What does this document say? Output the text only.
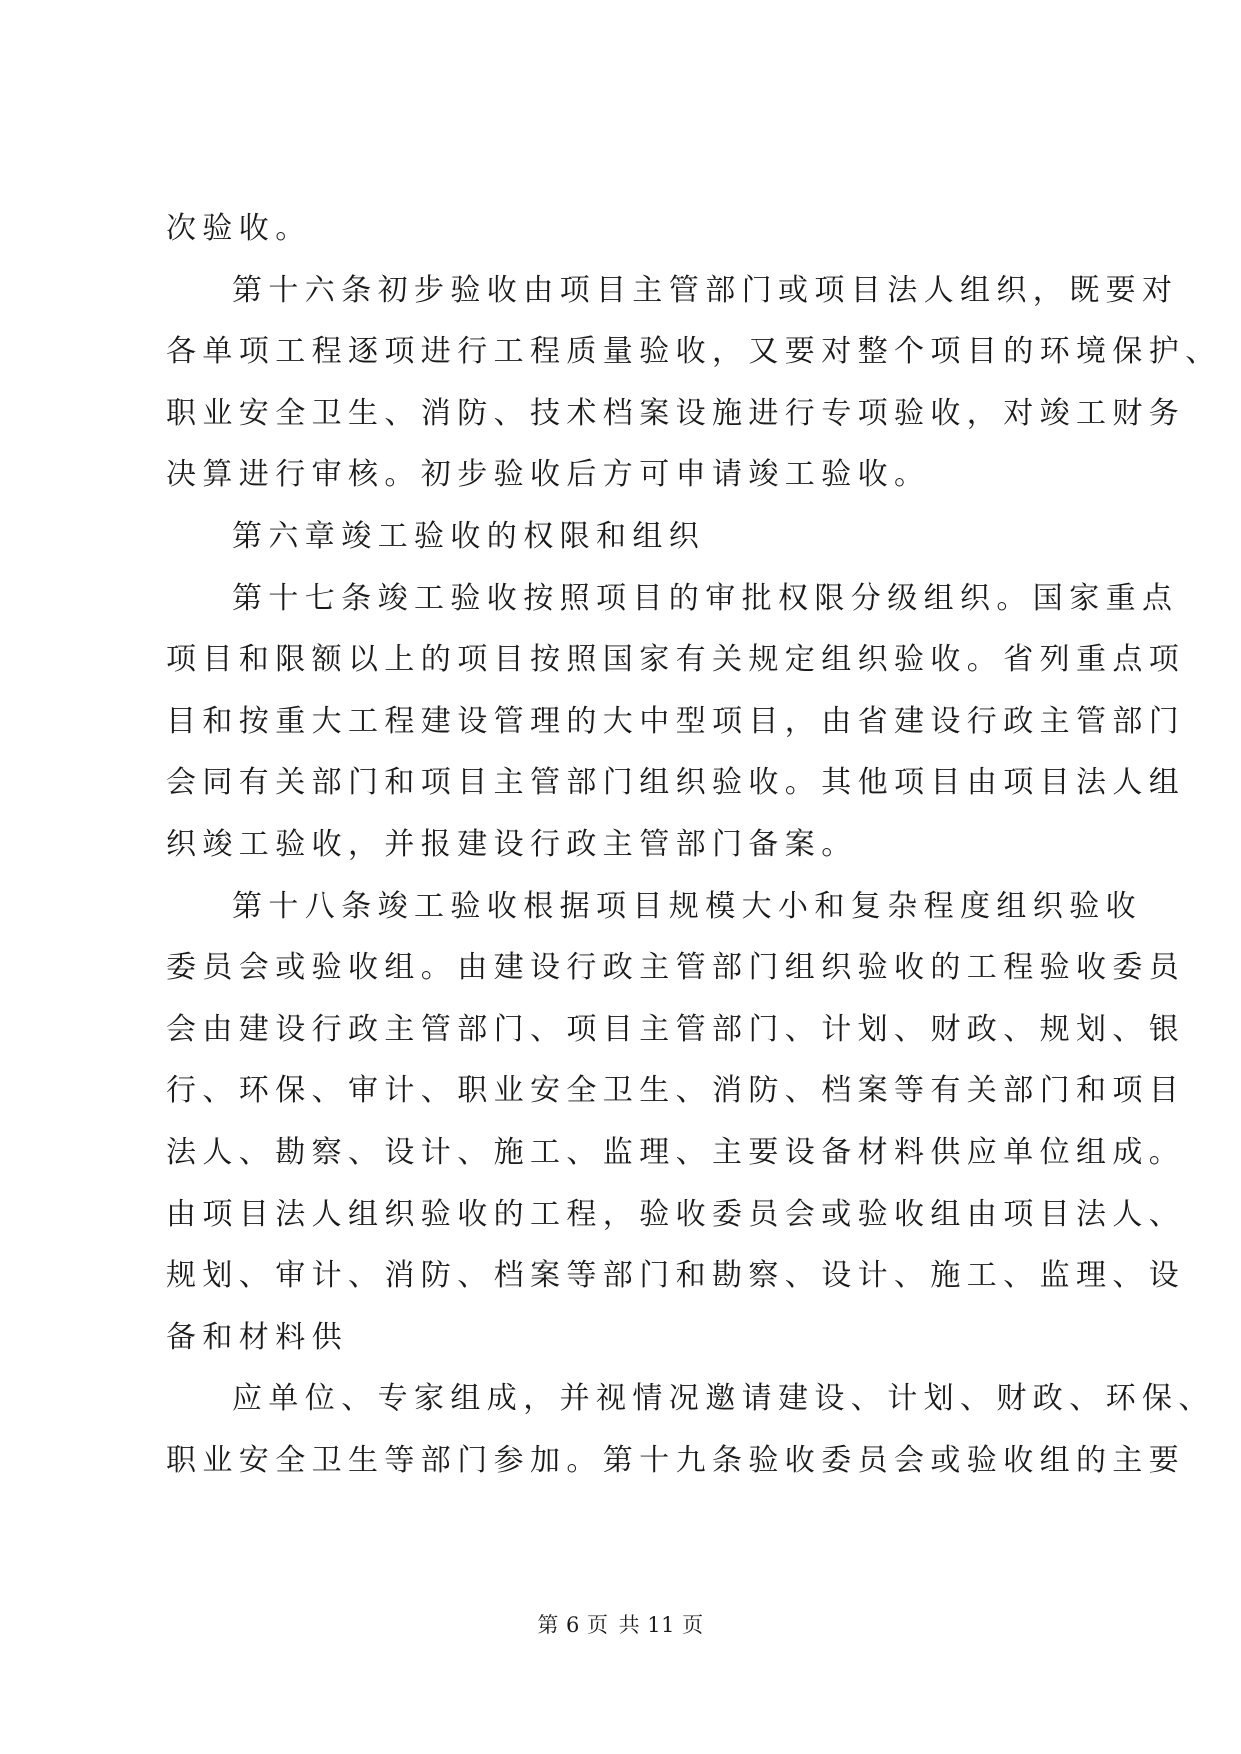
次验收。
第十六条初步验收由项目主管部门或项目法人组织，既要对
各单项工程逐项进行工程质量验收，又要对整个项目的环境保护、
职业安全卫生、消防、技术档案设施进行专项验收，对竣工财务
决算进行审核。初步验收后方可申请竣工验收。
第六章竣工验收的权限和组织
第十七条竣工验收按照项目的审批权限分级组织。国家重点
项目和限额以上的项目按照国家有关规定组织验收。省列重点项
目和按重大工程建设管理的大中型项目，由省建设行政主管部门
会同有关部门和项目主管部门组织验收。其他项目由项目法人组
织竣工验收，并报建设行政主管部门备案。
第十八条竣工验收根据项目规模大小和复杂程度组织验收
委员会或验收组。由建设行政主管部门组织验收的工程验收委员
会由建设行政主管部门、项目主管部门、计划、财政、规划、银
行、环保、审计、职业安全卫生、消防、档案等有关部门和项目
法人、勘察、设计、施工、监理、主要设备材料供应单位组成。
由项目法人组织验收的工程，验收委员会或验收组由项目法人、
规划、审计、消防、档案等部门和勘察、设计、施工、监理、设
备和材料供
应单位、专家组成，并视情况邀请建设、计划、财政、环保、
职业安全卫生等部门参加。第十九条验收委员会或验收组的主要
第 6 页 共 11 页
